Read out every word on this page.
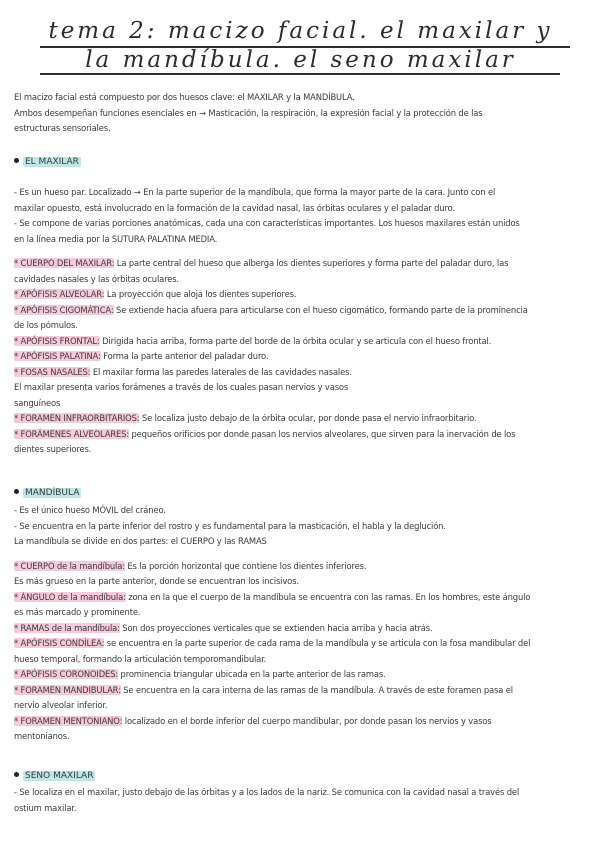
tema 2: macizo facial. el maxilar y
la mandíbula. el seno maxilar
El macizo facial está compuesto por dos huesos clave: el MAXILAR y la MANDÍBULA.
Ambos desempeñan funciones esenciales en → Masticación, la respiración, la expresión facial y la protección de las
estructuras sensoriales.
EL MAXILAR
- Es un hueso par. Localizado → En la parte superior de la mandíbula, que forma la mayor parte de la cara. Junto con el
maxilar opuesto, está involucrado en la formación de la cavidad nasal, las órbitas oculares y el paladar duro.
- Se compone de varias porciones anatómicas, cada una con características importantes. Los huesos maxilares están unidos
en la línea media por la SUTURA PALATINA MEDIA.
* CUERPO DEL MAXILAR: La parte central del hueso que alberga los dientes superiores y forma parte del paladar duro, las
cavidades nasales y las órbitas oculares.
* APÓFISIS ALVEOLAR: La proyección que aloja los dientes superiores.
* APÓFISIS CIGOMÁTICA: Se extiende hacia afuera para articularse con el hueso cigomático, formando parte de la prominencia
de los pómulos.
* APÓFISIS FRONTAL: Dirigida hacia arriba, forma parte del borde de la órbita ocular y se articula con el hueso frontal.
* APÓFISIS PALATINA: Forma la parte anterior del paladar duro.
* FOSAS NASALES: El maxilar forma las paredes laterales de las cavidades nasales.
El maxilar presenta varios forámenes a través de los cuales pasan nervios y vasos
sanguíneos
* FORAMEN INFRAORBITARIOS: Se localiza justo debajo de la órbita ocular, por donde pasa el nervio infraorbitario.
* FORÁMENES ALVEOLARES: pequeños orificios por donde pasan los nervios alveolares, que sirven para la inervación de los
dientes superiores.
MANDÍBULA
- Es el único hueso MÓVIL del cráneo.
- Se encuentra en la parte inferior del rostro y es fundamental para la masticación, el habla y la deglución.
La mandíbula se divide en dos partes: el CUERPO y las RAMAS
* CUERPO de la mandíbula: Es la porción horizontal que contiene los dientes inferiores.
Es más grueso en la parte anterior, donde se encuentran los incisivos.
* ÁNGULO de la mandíbula: zona en la que el cuerpo de la mandíbula se encuentra con las ramas. En los hombres, este ángulo
es más marcado y prominente.
* RAMAS de la mandíbula: Son dos proyecciones verticales que se extienden hacia arriba y hacia atrás.
* APÓFISIS CONDÍLEA: se encuentra en la parte superior de cada rama de la mandíbula y se articula con la fosa mandibular del
hueso temporal, formando la articulación temporomandibular.
* APÓFISIS CORONOIDES: prominencia triangular ubicada en la parte anterior de las ramas.
* FORAMEN MANDIBULAR: Se encuentra en la cara interna de las ramas de la mandíbula. A través de este foramen pasa el
nervio alveolar inferior.
* FORAMEN MENTONIANO: localizado en el borde inferior del cuerpo mandibular, por donde pasan los nervios y vasos
mentonianos.
SENO MAXILAR
- Se localiza en el maxilar, justo debajo de las órbitas y a los lados de la nariz. Se comunica con la cavidad nasal a través del
ostium maxilar.
